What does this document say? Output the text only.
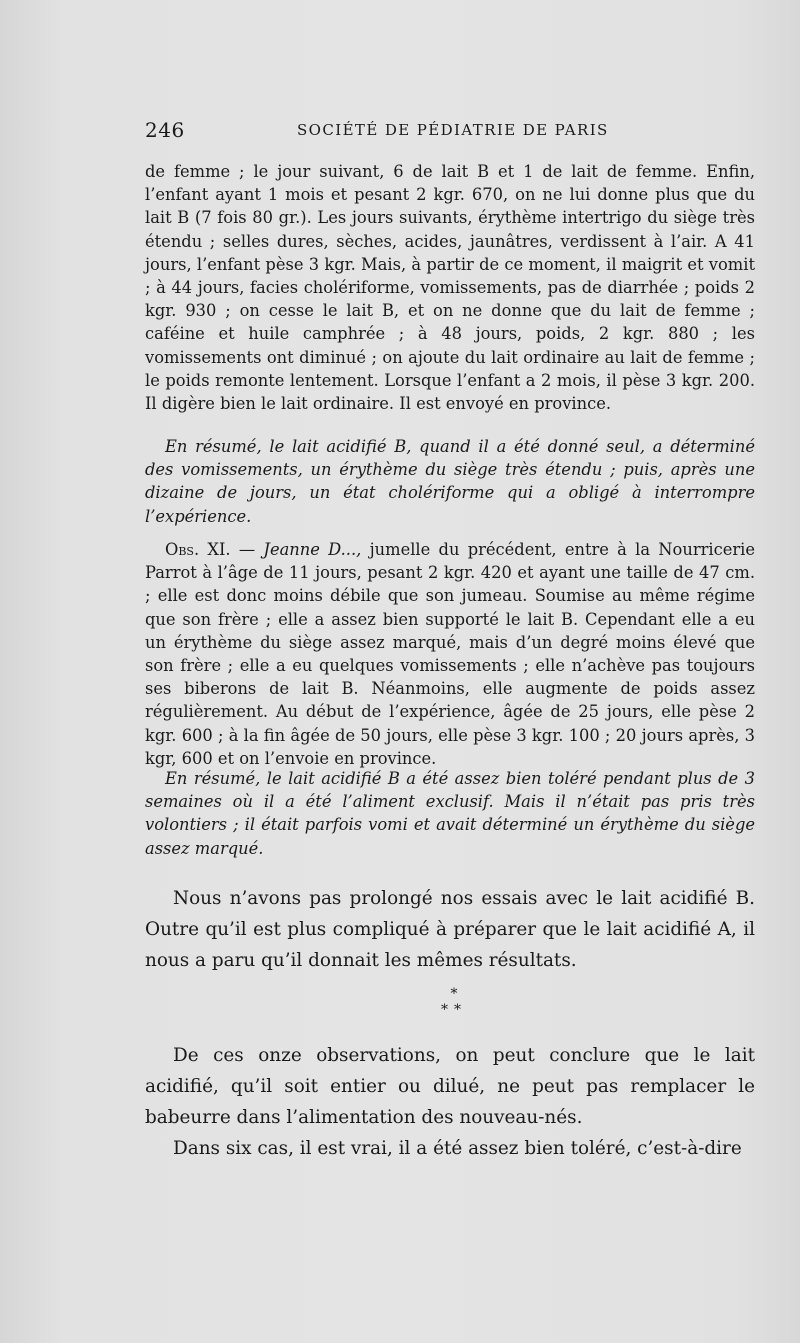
246	SOCIÉTÉ DE PÉDIATRIE DE PARIS

de femme ; le jour suivant, 6 de lait B et 1 de lait de femme. Enfin, l’enfant ayant 1 mois et pesant 2 kgr. 670, on ne lui donne plus que du lait B (7 fois 80 gr.). Les jours suivants, érythème intertrigo du siège très étendu ; selles dures, sèches, acides, jaunâtres, verdissent à l’air. A 41 jours, l’enfant pèse 3 kgr. Mais, à partir de ce moment, il maigrit et vomit ; à 44 jours, facies cholériforme, vomissements, pas de diarrhée ; poids 2 kgr. 930 ; on cesse le lait B, et on ne donne que du lait de femme ; caféine et huile camphrée ; à 48 jours, poids, 2 kgr. 880 ; les vomissements ont diminué ; on ajoute du lait ordinaire au lait de femme ; le poids remonte lentement. Lorsque l’enfant a 2 mois, il pèse 3 kgr. 200. Il digère bien le lait ordinaire. Il est envoyé en province.

En résumé, le lait acidifié B, quand il a été donné seul, a déterminé des vomissements, un érythème du siège très étendu ; puis, après une dizaine de jours, un état cholériforme qui a obligé à interrompre l’expérience.

Obs. XI. — Jeanne D..., jumelle du précédent, entre à la Nourricerie Parrot à l’âge de 11 jours, pesant 2 kgr. 420 et ayant une taille de 47 cm. ; elle est donc moins débile que son jumeau. Soumise au même régime que son frère ; elle a assez bien supporté le lait B. Cependant elle a eu un érythème du siège assez marqué, mais d’un degré moins élevé que son frère ; elle a eu quelques vomissements ; elle n’achève pas toujours ses biberons de lait B. Néanmoins, elle augmente de poids assez régulièrement. Au début de l’expérience, âgée de 25 jours, elle pèse 2 kgr. 600 ; à la fin âgée de 50 jours, elle pèse 3 kgr. 100 ; 20 jours après, 3 kgr, 600 et on l’envoie en province.

En résumé, le lait acidifié B a été assez bien toléré pendant plus de 3 semaines où il a été l’aliment exclusif. Mais il n’était pas pris très volontiers ; il était parfois vomi et avait déterminé un érythème du siège assez marqué.

Nous n’avons pas prolongé nos essais avec le lait acidifié B. Outre qu’il est plus compliqué à préparer que le lait acidifié A, il nous a paru qu’il donnait les mêmes résultats.

*
**

De ces onze observations, on peut conclure que le lait acidifié, qu’il soit entier ou dilué, ne peut pas remplacer le babeurre dans l’alimentation des nouveau-nés.

Dans six cas, il est vrai, il a été assez bien toléré, c’est-à-dire
